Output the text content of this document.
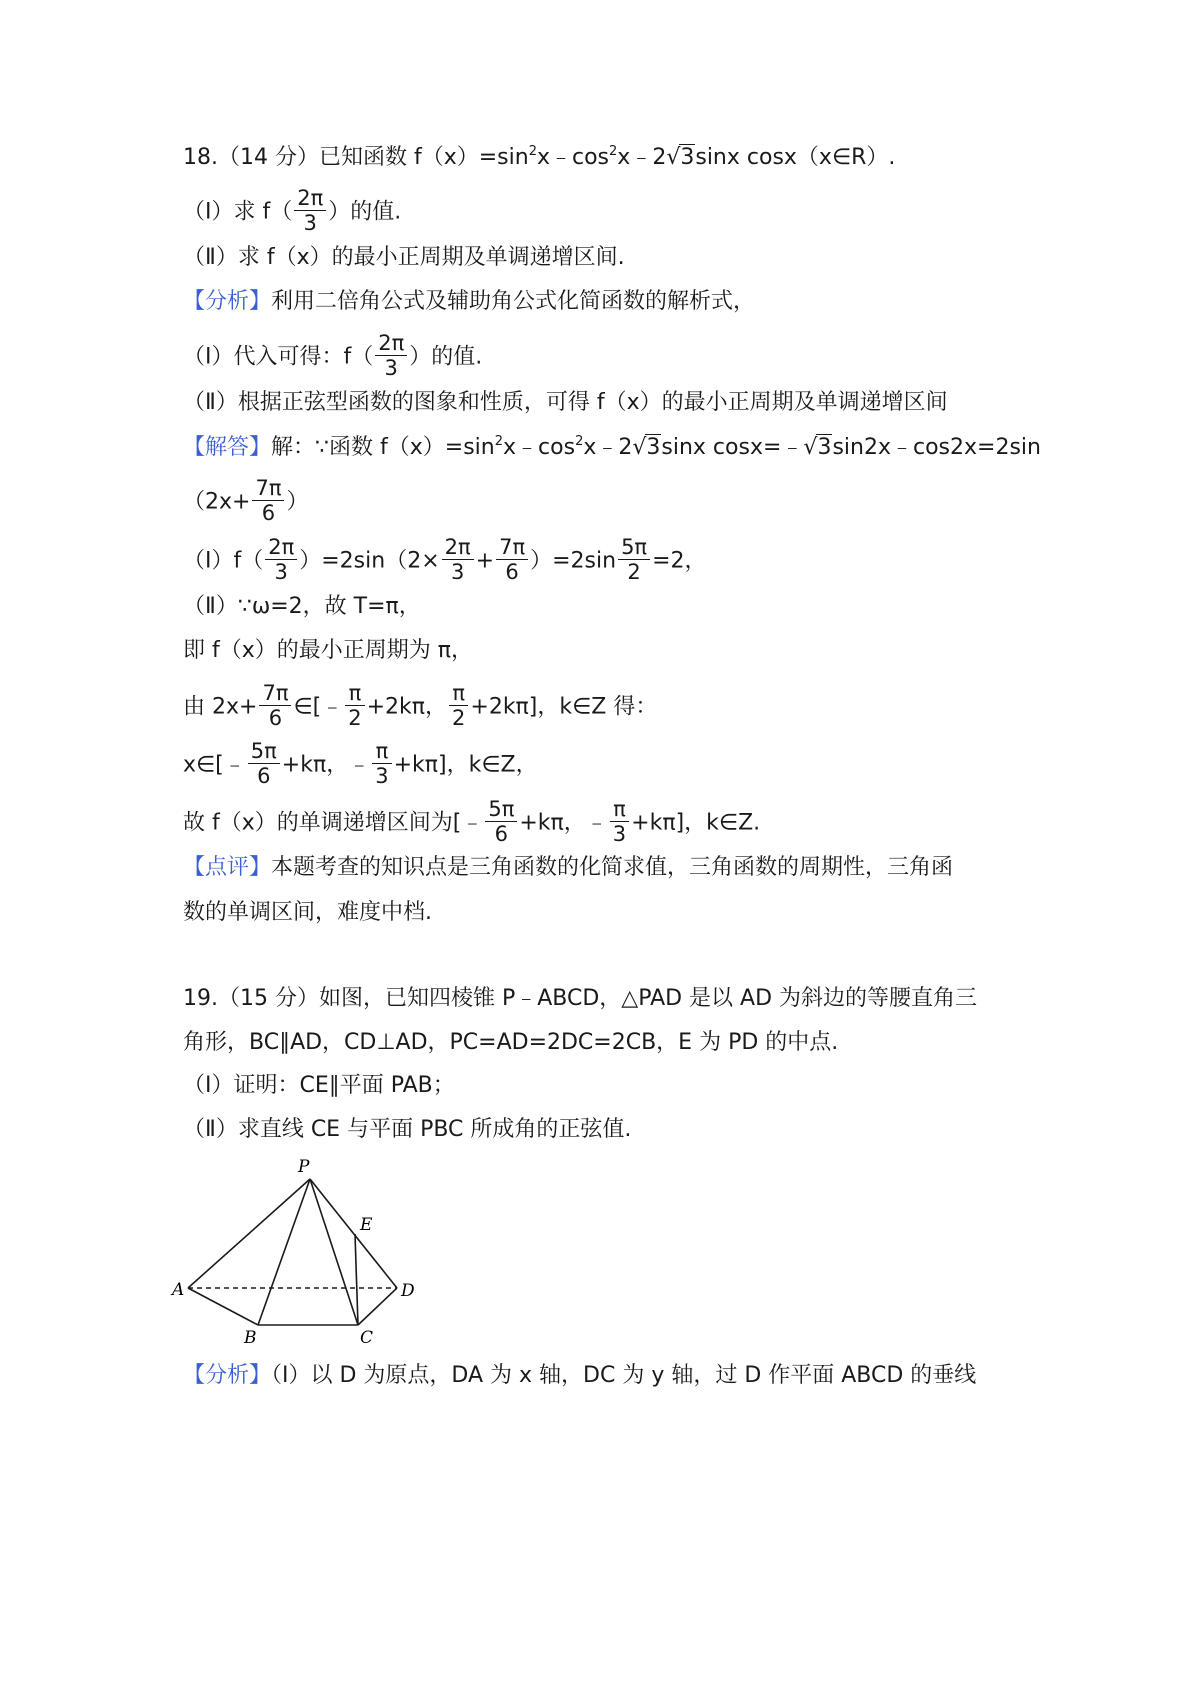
18.（14 分）已知函数 $f(x)=\sin^2x﹣\cos^2x﹣2√3\sin x$ cosx（x∈R）.
（Ⅰ）求 $f( \frac{2\pi}{3}$ ）的值.
（Ⅱ）求 f（x）的最小正周期及单调递增区间.
【分析】利用二倍角公式及辅助角公式化简函数的解析式，
（Ⅰ）代入可得：$f( \frac{2\pi}{3}$ ）的值.
（Ⅱ）根据正弦型函数的图象和性质，可得 f（x）的最小正周期及单调递增区间
【解答】解：∵函数 $f(x)=\sin^2x﹣\cos^2x﹣2√3\sin x$ cosx=﹣√3sin2x﹣cos2x=2sin
（$2x+ \frac{7\pi}{6}$ ）
（Ⅰ）f（ $\frac{2\pi}{3} )=2\sin(2\times \frac{2\pi}{3} + \frac{7\pi}{6} )=2\sin \frac{5\pi}{2} =2$，
（Ⅱ）∵ω=2，故 T=π，
即 f（x）的最小正周期为 π，
由 $2x+ \frac{7\pi}{6}$ ∈[﹣ $\frac{\pi}{2} +2k\pi$， $\frac{\pi}{2} +2k\pi$]，k∈Z 得：
x∈[﹣ $\frac{5\pi}{6} +k\pi$，﹣ $\frac{\pi}{3} +k\pi$]，k∈Z，
故 f（x）的单调递增区间为[﹣ $\frac{5\pi}{6} +k\pi$，﹣ $\frac{\pi}{3} +k\pi$]，k∈Z.
【点评】本题考查的知识点是三角函数的化简求值，三角函数的周期性，三角函
数的单调区间，难度中档.
19.（15 分）如图，已知四棱锥 P﹣ABCD，△PAD 是以 AD 为斜边的等腰直角三
角形，BC∥AD，CD⊥AD，PC=AD=2DC=2CB，E 为 PD 的中点.
（Ⅰ）证明：CE∥平面 PAB；
（Ⅱ）求直线 CE 与平面 PBC 所成角的正弦值.
【分析】（Ⅰ）以 D 为原点，DA 为 x 轴，DC 为 y 轴，过 D 作平面 ABCD 的垂线
P
A
B	C
D
E
